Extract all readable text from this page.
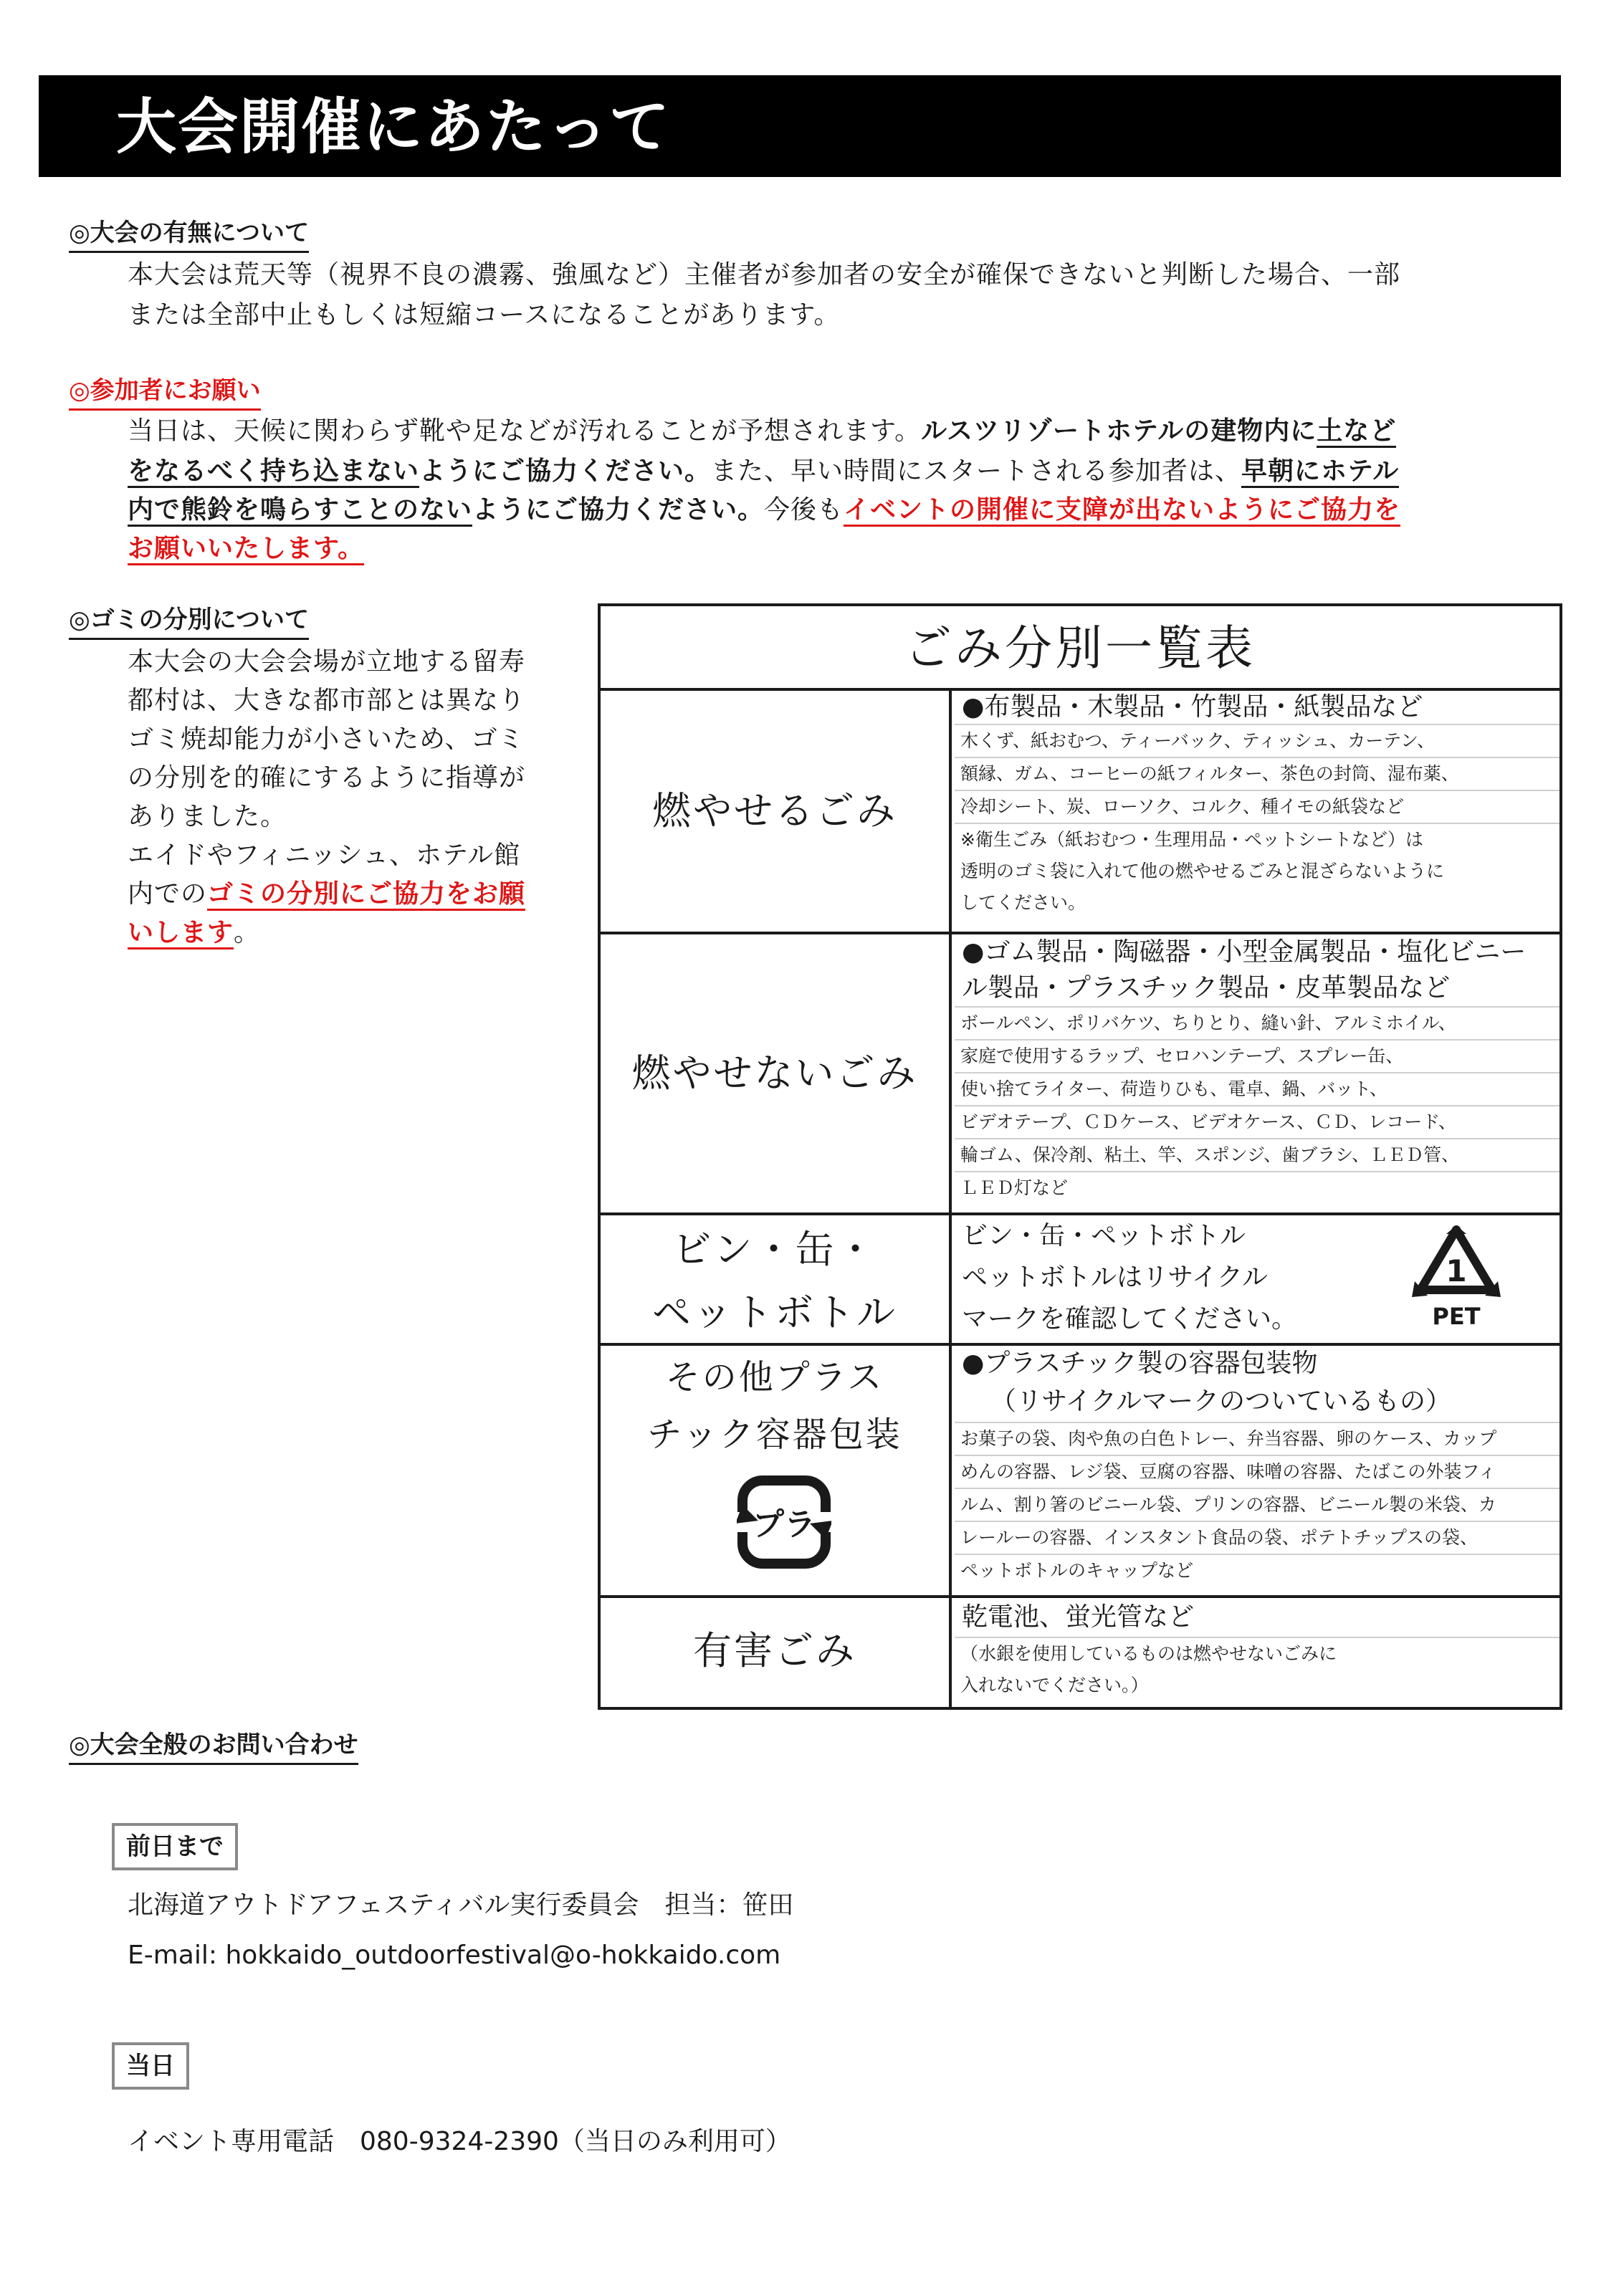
大会開催にあたって
◎大会の有無について
本大会は荒天等（視界不良の濃霧、強風など）主催者が参加者の安全が確保できないと判断した場合、一部
または全部中止もしくは短縮コースになることがあります。
◎参加者にお願い
当日は、天候に関わらず靴や足などが汚れることが予想されます。ルスツリゾートホテルの建物内に土など
をなるべく持ち込まないようにご協力ください。また、早い時間にスタートされる参加者は、早朝にホテル
内で熊鈴を鳴らすことのないようにご協力ください。今後もイベントの開催に支障が出ないようにご協力を
お願いいたします。
◎ゴミの分別について
本大会の大会会場が立地する留寿
都村は、大きな都市部とは異なり
ゴミ焼却能力が小さいため、ゴミ
の分別を的確にするように指導が
ありました。
エイドやフィニッシュ、ホテル館
内でのゴミの分別にご協力をお願
いします。
ごみ分別一覧表
燃やせるごみ
●布製品・木製品・竹製品・紙製品など
木くず、紙おむつ、ティーバック、ティッシュ、カーテン、
額縁、ガム、コーヒーの紙フィルター、茶色の封筒、湿布薬、
冷却シート、炭、ローソク、コルク、種イモの紙袋など
※衛生ごみ（紙おむつ・生理用品・ペットシートなど）は
透明のゴミ袋に入れて他の燃やせるごみと混ざらないように
してください。
燃やせないごみ
●ゴム製品・陶磁器・小型金属製品・塩化ビニー
ル製品・プラスチック製品・皮革製品など
ボールペン、ポリバケツ、ちりとり、縫い針、アルミホイル、
家庭で使用するラップ、セロハンテープ、スプレー缶、
使い捨てライター、荷造りひも、電卓、鍋、バット、
ビデオテープ、ＣＤケース、ビデオケース、ＣＤ、レコード、
輪ゴム、保冷剤、粘土、竿、スポンジ、歯ブラシ、ＬＥＤ管、
ＬＥＤ灯など
ビン・缶・
ペットボトル
ビン・缶・ペットボトル
ペットボトルはリサイクル
マークを確認してください。
1
PET
その他プラス
チック容器包装
プラ
●プラスチック製の容器包装物
（リサイクルマークのついているもの）
お菓子の袋、肉や魚の白色トレー、弁当容器、卵のケース、カップ
めんの容器、レジ袋、豆腐の容器、味噌の容器、たばこの外装フィ
ルム、割り箸のビニール袋、プリンの容器、ビニール製の米袋、カ
レールーの容器、インスタント食品の袋、ポテトチップスの袋、
ペットボトルのキャップなど
有害ごみ
乾電池、蛍光管など
（水銀を使用しているものは燃やせないごみに
入れないでください。）
◎大会全般のお問い合わせ
前日まで
北海道アウトドアフェスティバル実行委員会　担当：笹田
E-mail: hokkaido_outdoorfestival@o-hokkaido.com
当日
イベント専用電話　080-9324-2390（当日のみ利用可）
